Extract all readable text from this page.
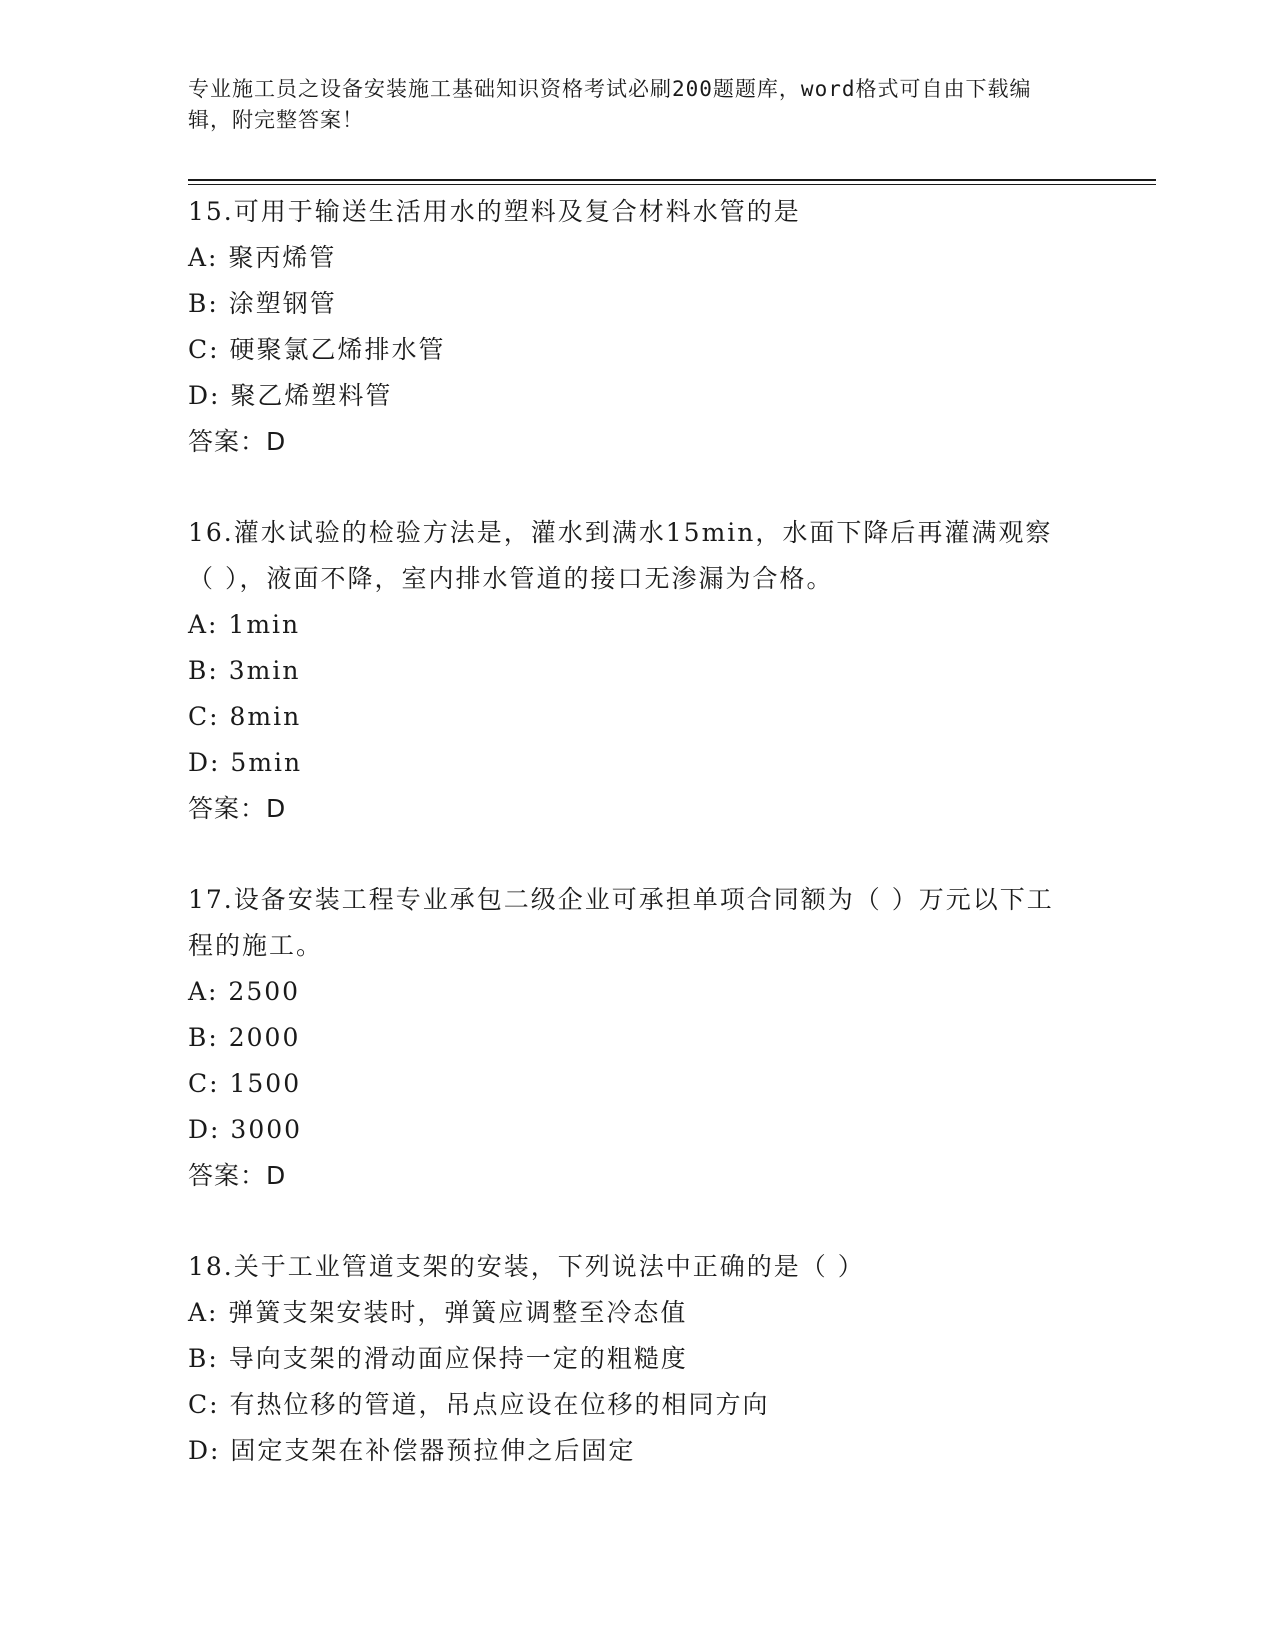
专业施工员之设备安装施工基础知识资格考试必刷200题题库，word格式可自由下载编辑，附完整答案！
15.可用于输送生活用水的塑料及复合材料水管的是
A: 聚丙烯管
B: 涂塑钢管
C: 硬聚氯乙烯排水管
D: 聚乙烯塑料管
答案：D
16.灌水试验的检验方法是，灌水到满水15min，水面下降后再灌满观察（ ），液面不降，室内排水管道的接口无渗漏为合格。
A: 1min
B: 3min
C: 8min
D: 5min
答案：D
17.设备安装工程专业承包二级企业可承担单项合同额为（ ）万元以下工程的施工。
A: 2500
B: 2000
C: 1500
D: 3000
答案：D
18.关于工业管道支架的安装，下列说法中正确的是（ ）
A: 弹簧支架安装时，弹簧应调整至冷态值
B: 导向支架的滑动面应保持一定的粗糙度
C: 有热位移的管道，吊点应设在位移的相同方向
D: 固定支架在补偿器预拉伸之后固定
